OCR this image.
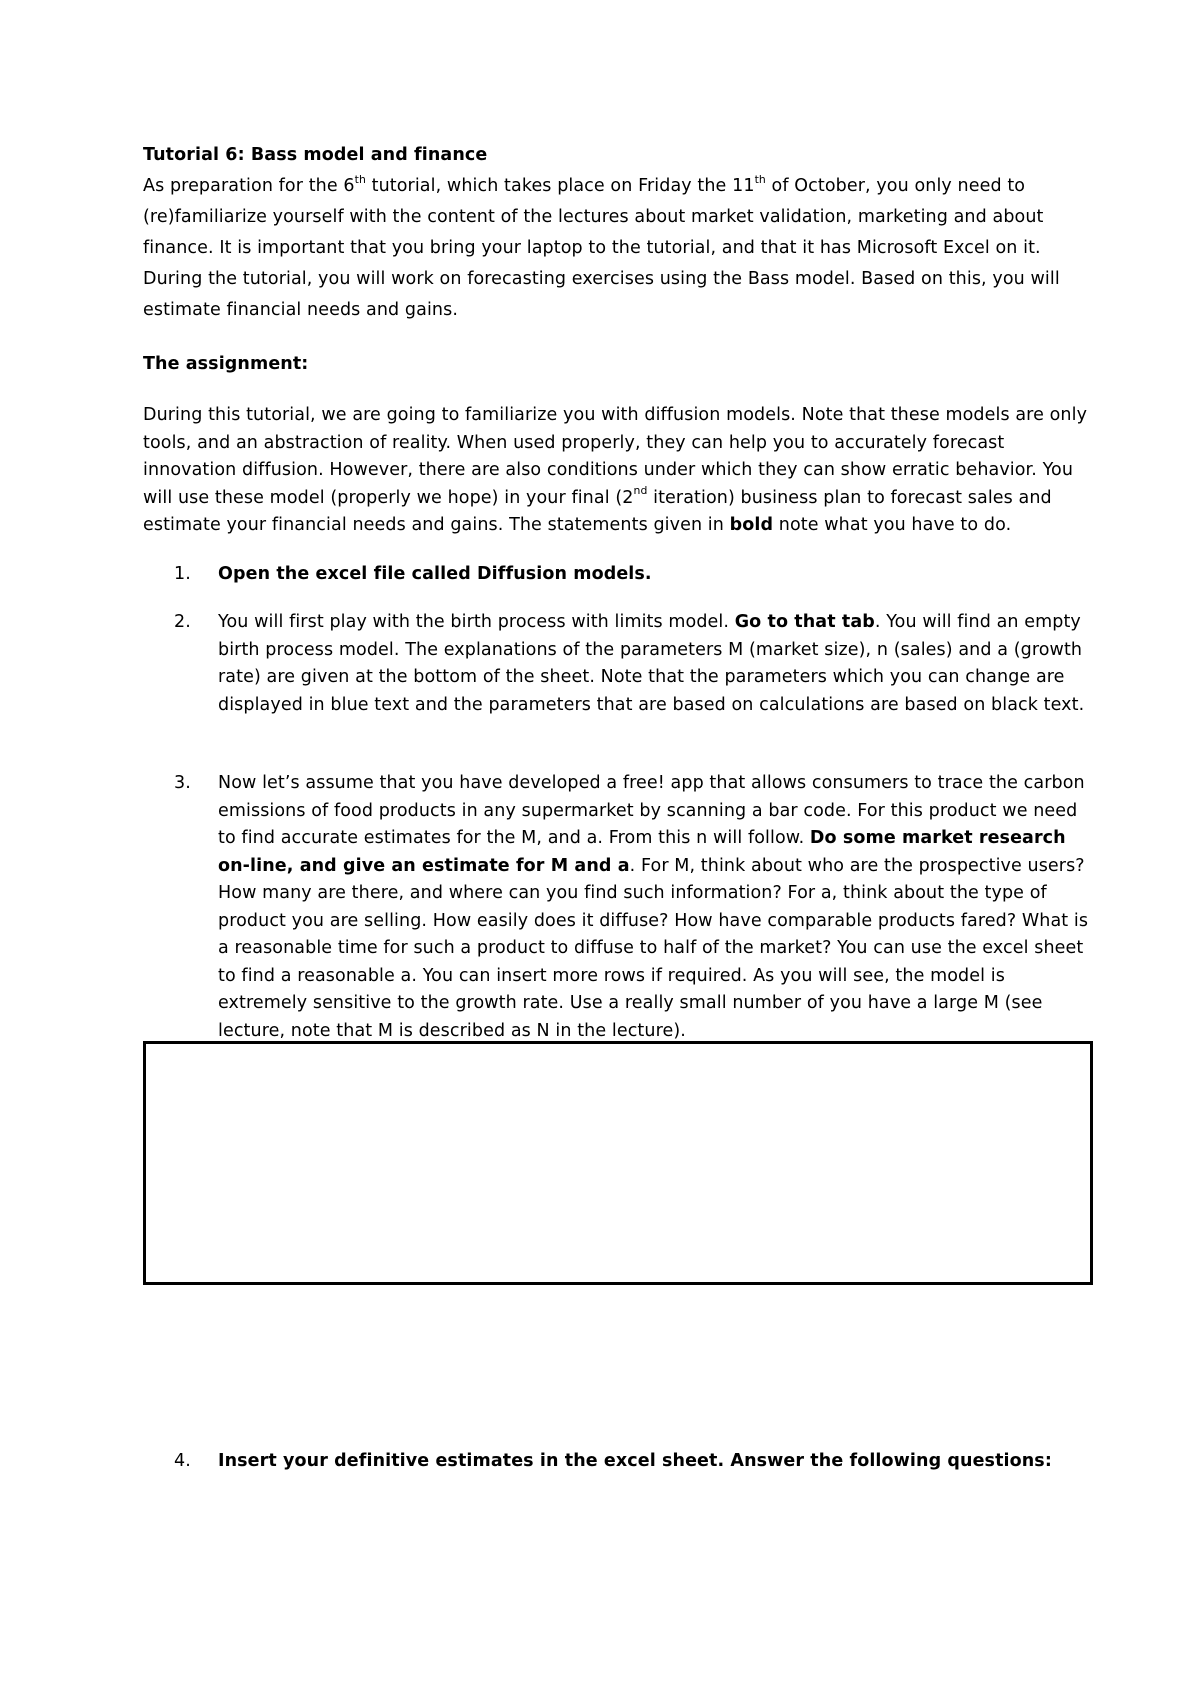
Tutorial 6: Bass model and finance

As preparation for the 6th tutorial, which takes place on Friday the 11th of October, you only need to

(re)familiarize yourself with the content of the lectures about market validation, marketing and about

finance. It is important that you bring your laptop to the tutorial, and that it has Microsoft Excel on it.

During the tutorial, you will work on forecasting exercises using the Bass model. Based on this, you will

estimate financial needs and gains.

The assignment:

During this tutorial, we are going to familiarize you with diffusion models. Note that these models are only tools, and an abstraction of reality. When used properly, they can help you to accurately forecast innovation diffusion. However, there are also conditions under which they can show erratic behavior. You will use these model (properly we hope) in your final (2nd iteration) business plan to forecast sales and estimate your financial needs and gains. The statements given in bold note what you have to do.

1. Open the excel file called Diffusion models.
2. You will first play with the birth process with limits model. Go to that tab. You will find an empty birth process model. The explanations of the parameters M (market size), n (sales) and a (growth rate) are given at the bottom of the sheet. Note that the parameters which you can change are displayed in blue text and the parameters that are based on calculations are based on black text.
3. Now let’s assume that you have developed a free! app that allows consumers to trace the carbon emissions of food products in any supermarket by scanning a bar code. For this product we need to find accurate estimates for the M, and a. From this n will follow. Do some market research on-line, and give an estimate for M and a. For M, think about who are the prospective users? How many are there, and where can you find such information? For a, think about the type of product you are selling. How easily does it diffuse? How have comparable products fared? What is a reasonable time for such a product to diffuse to half of the market? You can use the excel sheet to find a reasonable a. You can insert more rows if required. As you will see, the model is extremely sensitive to the growth rate. Use a really small number of you have a large M (see lecture, note that M is described as N in the lecture).
4. Insert your definitive estimates in the excel sheet. Answer the following questions:
